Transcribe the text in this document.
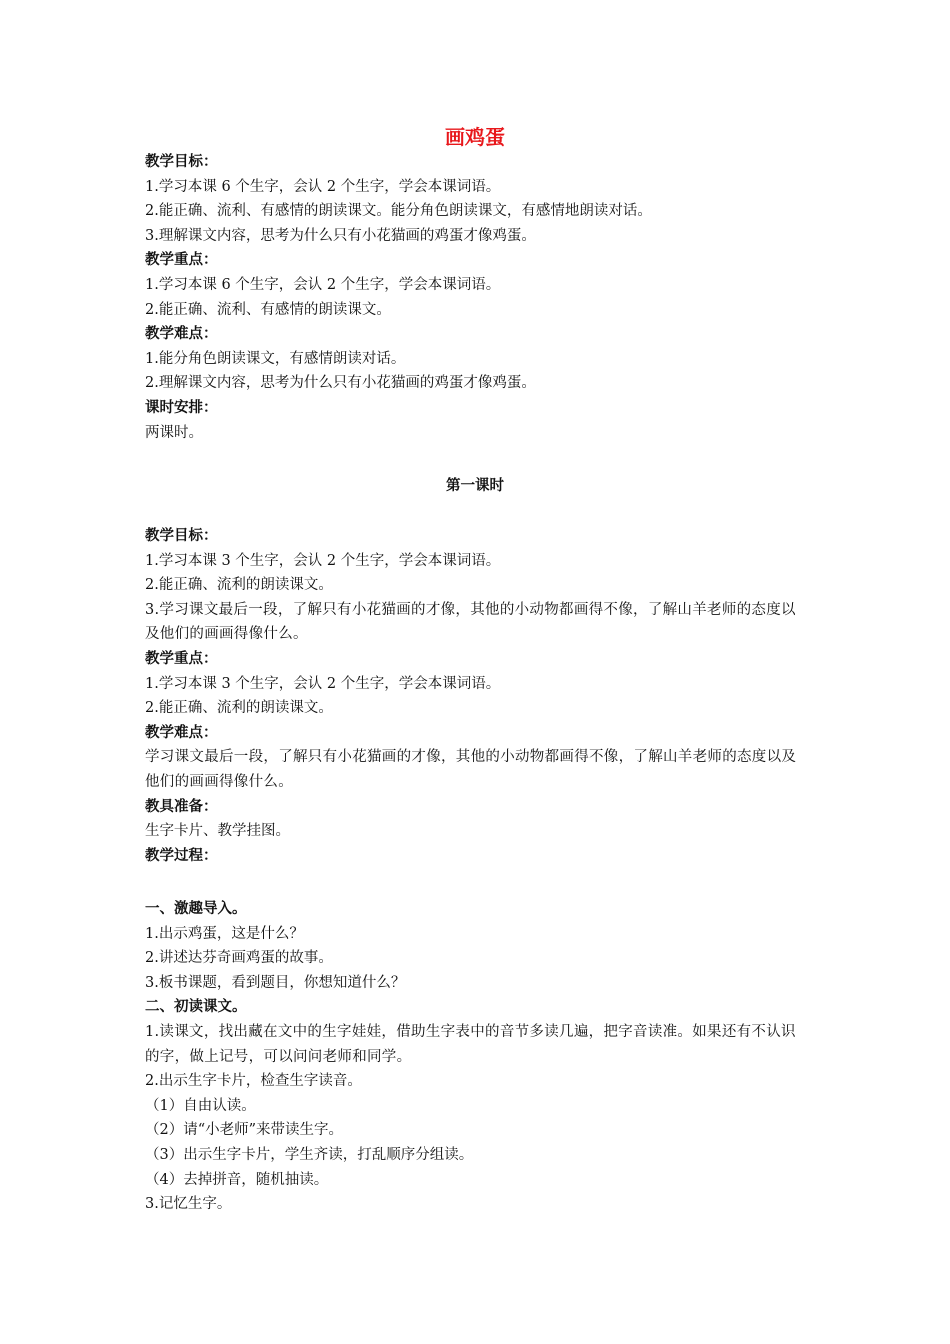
画鸡蛋

教学目标：

1.学习本课 6 个生字，会认 2 个生字，学会本课词语。

2.能正确、流利、有感情的朗读课文。能分角色朗读课文，有感情地朗读对话。

3.理解课文内容，思考为什么只有小花猫画的鸡蛋才像鸡蛋。

教学重点：

1.学习本课 6 个生字，会认 2 个生字，学会本课词语。

2.能正确、流利、有感情的朗读课文。

教学难点：

1.能分角色朗读课文，有感情朗读对话。

2.理解课文内容，思考为什么只有小花猫画的鸡蛋才像鸡蛋。

课时安排：

两课时。

第一课时

教学目标：

1.学习本课 3 个生字，会认 2 个生字，学会本课词语。

2.能正确、流利的朗读课文。

3.学习课文最后一段，了解只有小花猫画的才像，其他的小动物都画得不像，了解山羊老师的态度以及他们的画画得像什么。

教学重点：

1.学习本课 3 个生字，会认 2 个生字，学会本课词语。

2.能正确、流利的朗读课文。

教学难点：

学习课文最后一段，了解只有小花猫画的才像，其他的小动物都画得不像，了解山羊老师的态度以及他们的画画得像什么。

教具准备：

生字卡片、教学挂图。

教学过程：

一、激趣导入。

1.出示鸡蛋，这是什么？

2.讲述达芬奇画鸡蛋的故事。

3.板书课题，看到题目，你想知道什么？

二、初读课文。

1.读课文，找出藏在文中的生字娃娃，借助生字表中的音节多读几遍，把字音读准。如果还有不认识的字，做上记号，可以问问老师和同学。

2.出示生字卡片，检查生字读音。

（1）自由认读。

（2）请“小老师”来带读生字。

（3）出示生字卡片，学生齐读，打乱顺序分组读。

（4）去掉拼音，随机抽读。

3.记忆生字。
